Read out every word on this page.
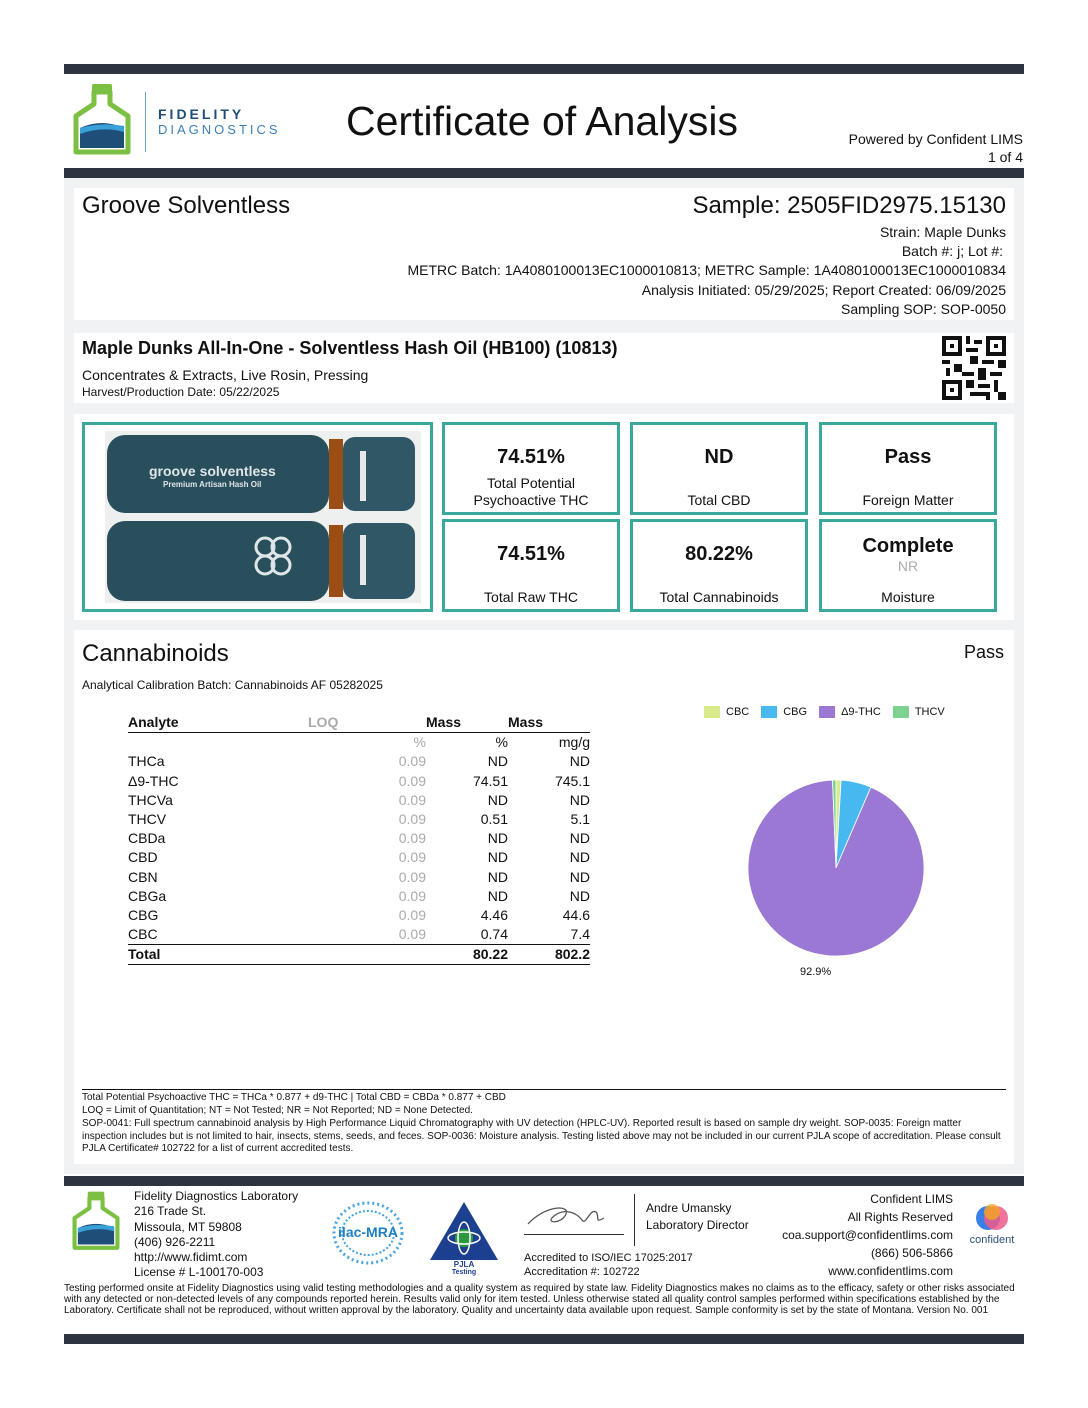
FIDELITY
DIAGNOSTICS Certificate of Analysis	Powered by Confident LIMS
1 of 4
Groove Solventless	Sample: 2505FID2975.15130
Strain: Maple Dunks
Batch #: j; Lot #:
METRC Batch: 1A4080100013EC1000010813; METRC Sample: 1A4080100013EC1000010834
Analysis Initiated: 05/29/2025; Report Created: 06/09/2025
Sampling SOP: SOP-0050
Maple Dunks All-In-One - Solventless Hash Oil (HB100) (10813)
Concentrates & Extracts, Live Rosin, Pressing
Harvest/Production Date: 05/22/2025
groove solventless
Premium Artisan Hash Oil
74.51%
Total Potential Psychoactive THC
ND
Total CBD
Pass
Foreign Matter
74.51%
Total Raw THC
80.22%
Total Cannabinoids
Complete
NR
Moisture
Cannabinoids	Pass
Analytical Calibration Batch: Cannabinoids AF 05282025
Analyte	LOQ	Mass	Mass
	%	%	mg/g
THCa	0.09	ND	ND
Δ9-THC	0.09	74.51	745.1
THCVa	0.09	ND	ND
THCV	0.09	0.51	5.1
CBDa	0.09	ND	ND
CBD	0.09	ND	ND
CBN	0.09	ND	ND
CBGa	0.09	ND	ND
CBG	0.09	4.46	44.6
CBC	0.09	0.74	7.4
Total		80.22	802.2
CBC	CBG	Δ9-THC	THCV
92.9%
Total Potential Psychoactive THC = THCa * 0.877 + d9-THC | Total CBD = CBDa * 0.877 + CBD
LOQ = Limit of Quantitation; NT = Not Tested; NR = Not Reported; ND = None Detected.
SOP-0041: Full spectrum cannabinoid analysis by High Performance Liquid Chromatography with UV detection (HPLC-UV). Reported result is based on sample dry weight. SOP-0035: Foreign matter inspection includes but is not limited to hair, insects, stems, seeds, and feces. SOP-0036: Moisture analysis. Testing listed above may not be included in our current PJLA scope of accreditation. Please consult PJLA Certificate# 102722 for a list of current accredited tests.
Fidelity Diagnostics Laboratory
216 Trade St.
Missoula, MT 59808
(406) 926-2211
http://www.fidimt.com
License # L-100170-003
ilac-MRA
PJLA
Testing
Andre Umansky
Laboratory Director
Accredited to ISO/IEC 17025:2017
Accreditation #: 102722
Confident LIMS
All Rights Reserved
coa.support@confidentlims.com
(866) 506-5866
www.confidentlims.com
confident
Testing performed onsite at Fidelity Diagnostics using valid testing methodologies and a quality system as required by state law. Fidelity Diagnostics makes no claims as to the efficacy, safety or other risks associated with any detected or non-detected levels of any compounds reported herein. Results valid only for item tested. Unless otherwise stated all quality control samples performed within specifications established by the Laboratory. Certificate shall not be reproduced, without written approval by the laboratory. Quality and uncertainty data available upon request. Sample conformity is set by the state of Montana. Version No. 001
